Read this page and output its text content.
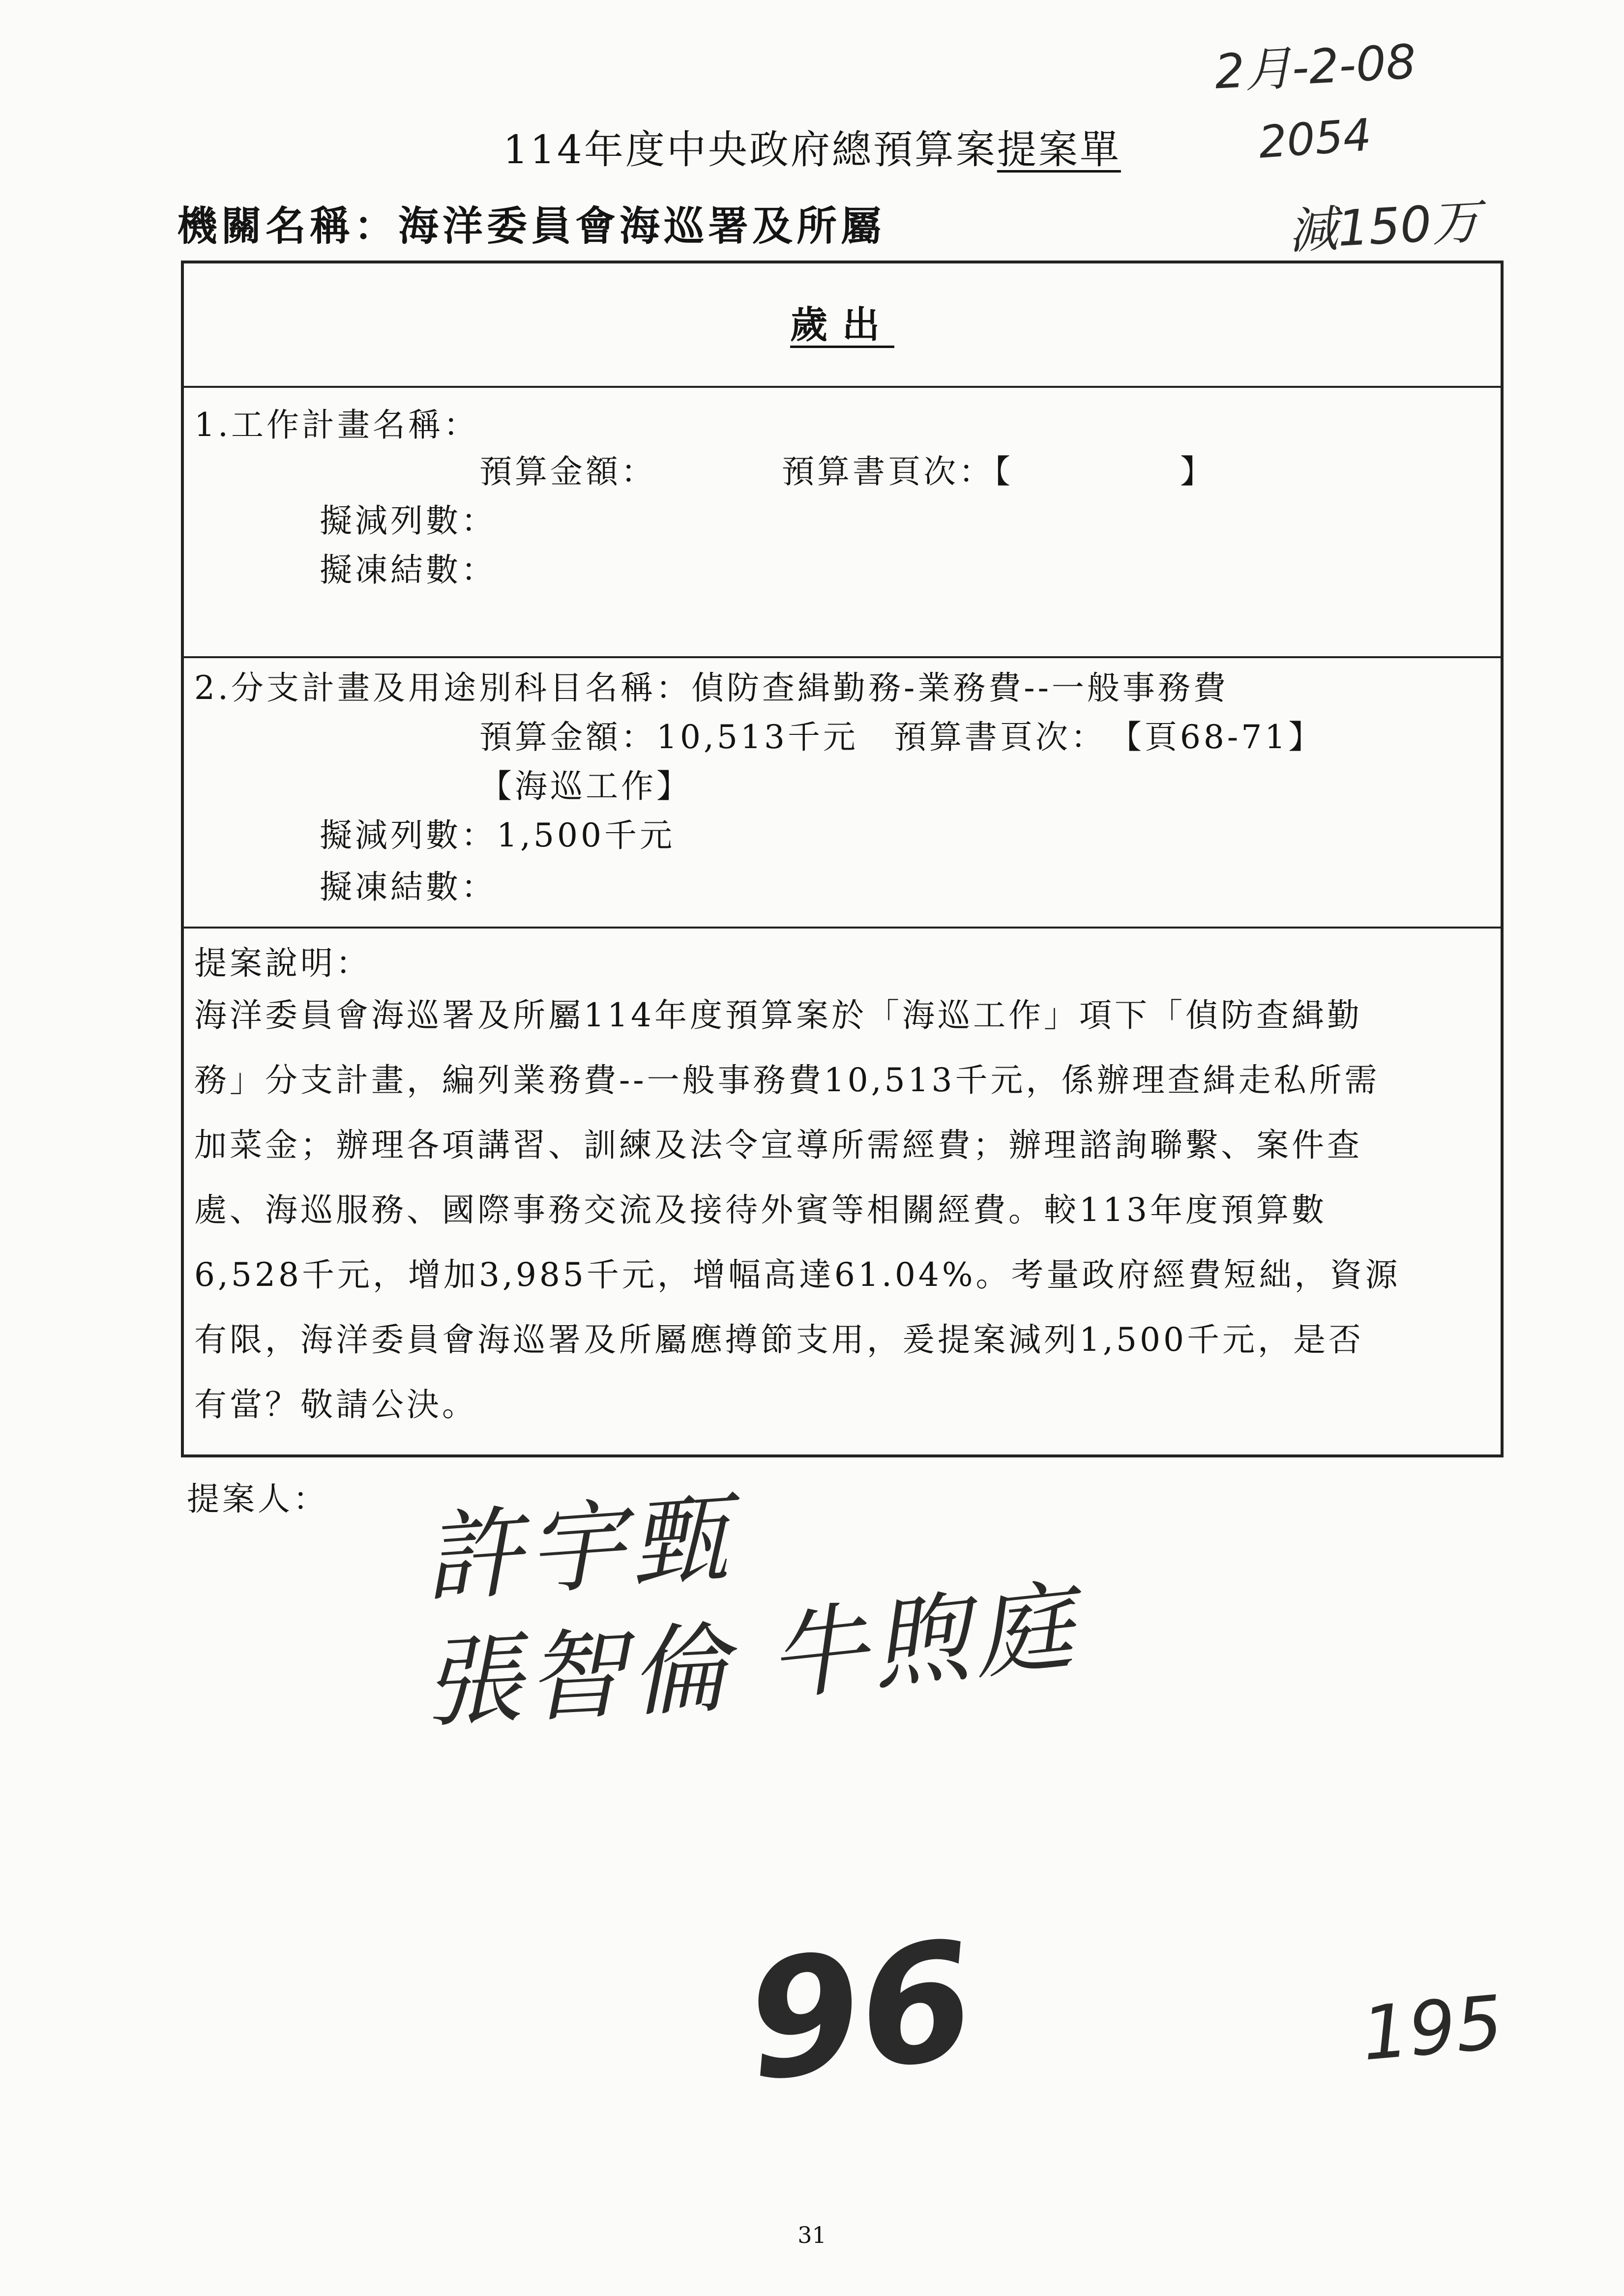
2月-2-08
2054
減150万
114年度中央政府總預算案提案單
機關名稱：海洋委員會海巡署及所屬
歲出
1.工作計畫名稱：
預算金額：	預算書頁次：【	】
擬減列數：
擬凍結數：
2.分支計畫及用途別科目名稱：偵防查緝勤務-業務費--一般事務費
預算金額：10,513千元　預算書頁次：　【頁68-71】
【海巡工作】
擬減列數：1,500千元
擬凍結數：
提案說明：
海洋委員會海巡署及所屬114年度預算案於「海巡工作」項下「偵防查緝勤
務」分支計畫，編列業務費--一般事務費10,513千元，係辦理查緝走私所需
加菜金；辦理各項講習、訓練及法令宣導所需經費；辦理諮詢聯繫、案件查
處、海巡服務、國際事務交流及接待外賓等相關經費。較113年度預算數
6,528千元，增加3,985千元，增幅高達61.04%。考量政府經費短絀，資源
有限，海洋委員會海巡署及所屬應撙節支用，爰提案減列1,500千元，是否
有當？敬請公決。
提案人： 許宇甄
張智倫 牛煦庭
96	195
31
